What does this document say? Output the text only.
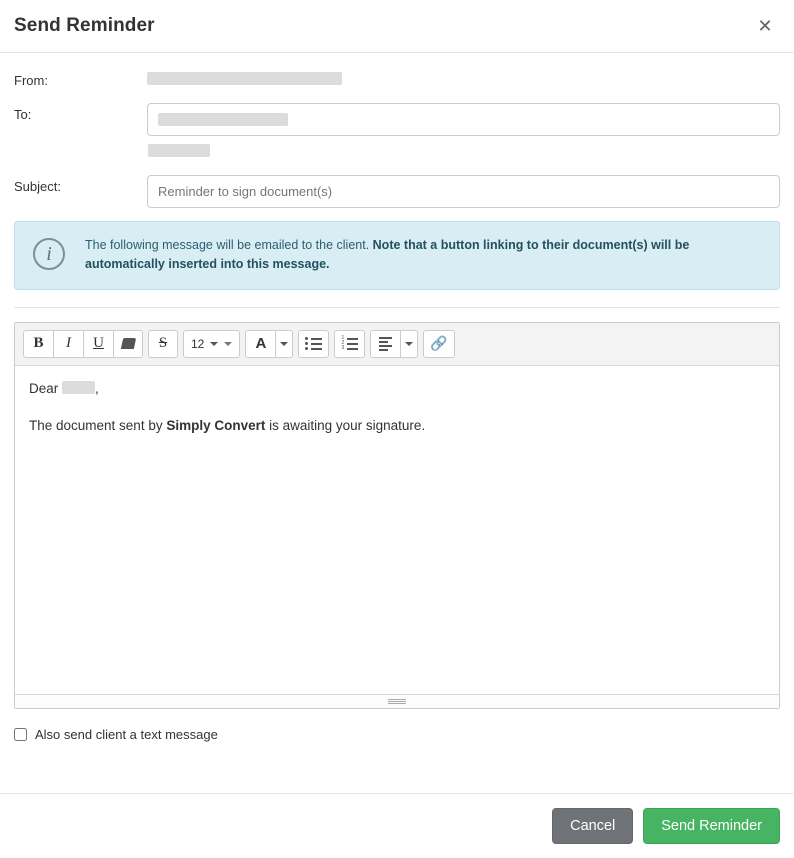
Send Reminder	✕
From:
To:
Subject:	Reminder to sign document(s)
i	The following message will be emailed to the client. Note that a button linking to their document(s) will be automatically inserted into this message.
B	I	U	S	12	A	1
2
3	🔗

Dear	,

The document sent by Simply Convert is awaiting your signature.

Also send client a text message
Cancel	Send Reminder
